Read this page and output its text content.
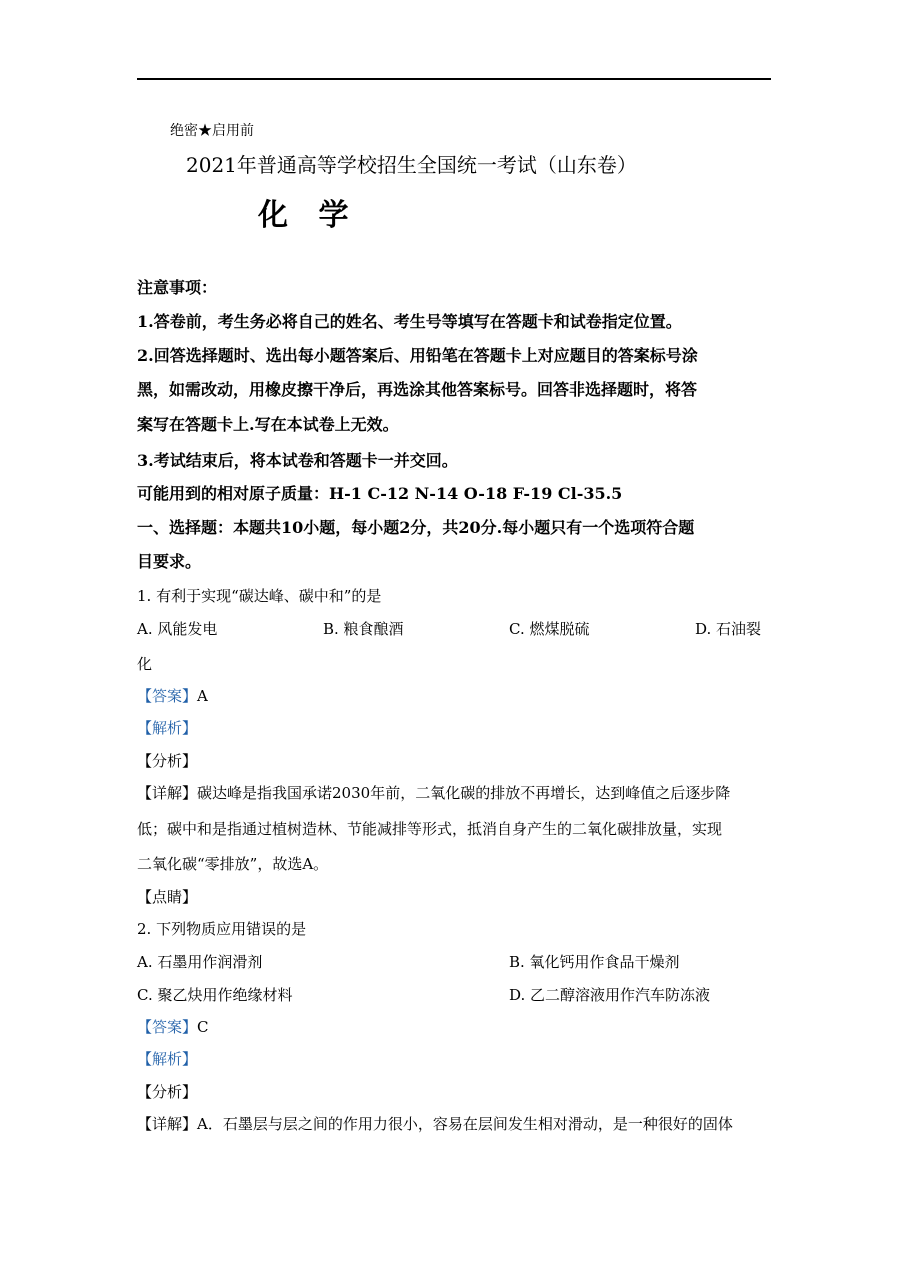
绝密★启用前
2021年普通高等学校招生全国统一考试（山东卷）
化 学
注意事项：
1.答卷前，考生务必将自己的姓名、考生号等填写在答题卡和试卷指定位置。
2.回答选择题时、选出每小题答案后、用铅笔在答题卡上对应题目的答案标号涂
黑，如需改动，用橡皮擦干净后，再选涂其他答案标号。回答非选择题时，将答
案写在答题卡上.写在本试卷上无效。
3.考试结束后，将本试卷和答题卡一并交回。
可能用到的相对原子质量：H-1 C-12 N-14 O-18 F-19 Cl-35.5
一、选择题：本题共10小题，每小题2分，共20分.每小题只有一个选项符合题
目要求。
1. 有利于实现“碳达峰、碳中和”的是
A. 风能发电	B. 粮食酿酒	C. 燃煤脱硫	D. 石油裂
化
【答案】A
【解析】
【分析】
【详解】碳达峰是指我国承诺2030年前，二氧化碳的排放不再增长，达到峰值之后逐步降
低；碳中和是指通过植树造林、节能减排等形式，抵消自身产生的二氧化碳排放量，实现
二氧化碳“零排放”，故选A。
【点睛】
2. 下列物质应用错误的是
A. 石墨用作润滑剂	B. 氧化钙用作食品干燥剂
C. 聚乙炔用作绝缘材料	D. 乙二醇溶液用作汽车防冻液
【答案】C
【解析】
【分析】
【详解】A．石墨层与层之间的作用力很小，容易在层间发生相对滑动，是一种很好的固体
